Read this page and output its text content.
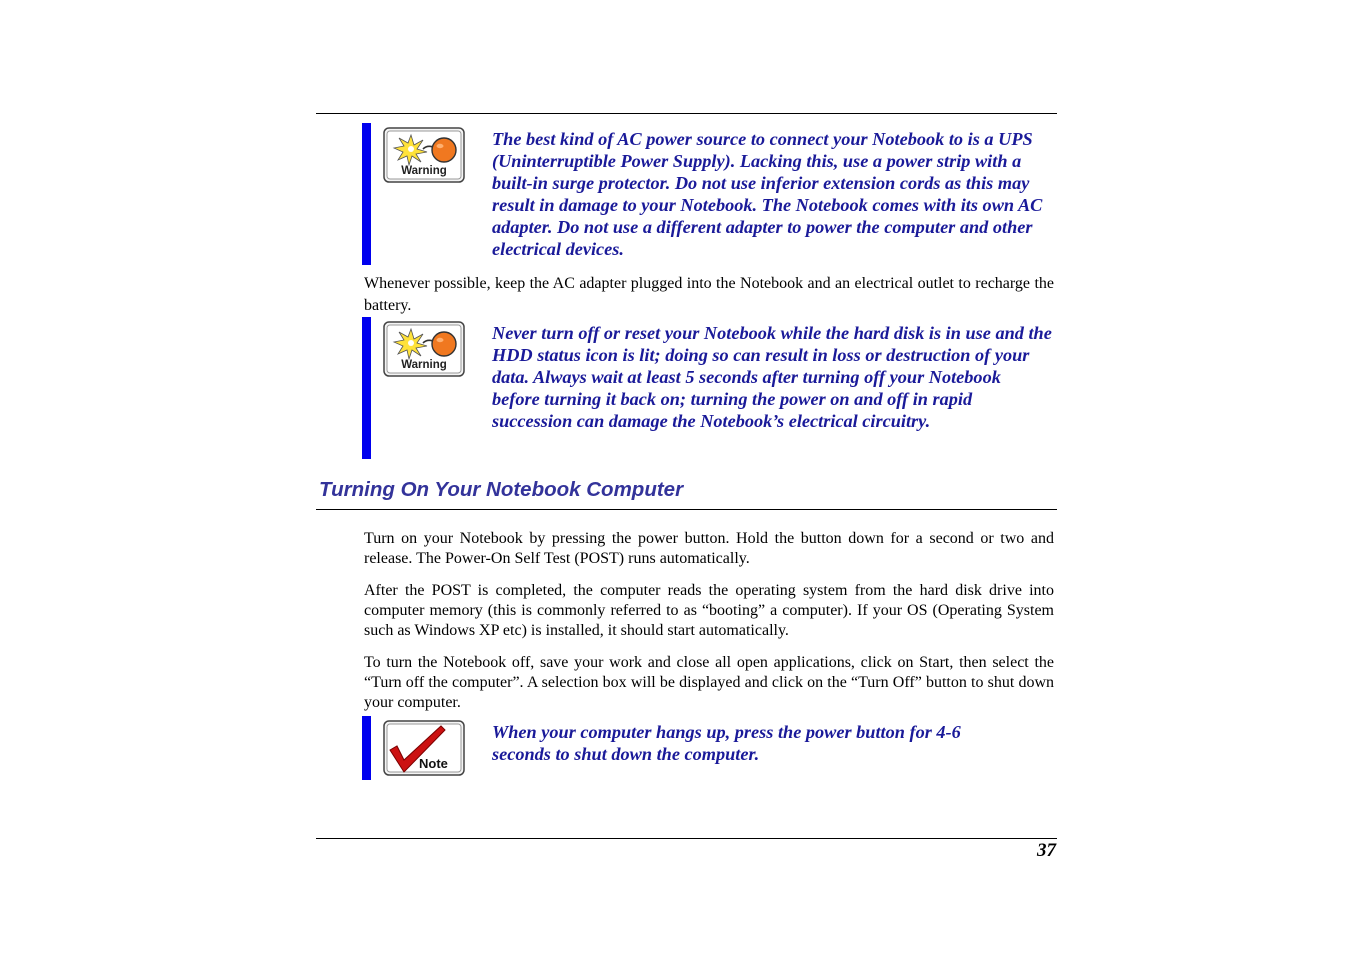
Warning

The best kind of AC power source to connect your Notebook to is a UPS (Uninterruptible Power Supply). Lacking this, use a power strip with a built-in surge protector. Do not use inferior extension cords as this may result in damage to your Notebook. The Notebook comes with its own AC adapter. Do not use a different adapter to power the computer and other electrical devices.

Whenever possible, keep the AC adapter plugged into the Notebook and an electrical outlet to recharge the battery.

Warning

Never turn off or reset your Notebook while the hard disk is in use and the HDD status icon is lit; doing so can result in loss or destruction of your data. Always wait at least 5 seconds after turning off your Notebook before turning it back on; turning the power on and off in rapid succession can damage the Notebook’s electrical circuitry.

Turning On Your Notebook Computer

Turn on your Notebook by pressing the power button. Hold the button down for a second or two and release. The Power-On Self Test (POST) runs automatically.

After the POST is completed, the computer reads the operating system from the hard disk drive into computer memory (this is commonly referred to as “booting” a computer). If your OS (Operating System such as Windows XP etc) is installed, it should start automatically.

To turn the Notebook off, save your work and close all open applications, click on Start, then select the “Turn off the computer”. A selection box will be displayed and click on the “Turn Off” button to shut down your computer.

Note

When your computer hangs up, press the power button for 4-6 seconds to shut down the computer.

37
